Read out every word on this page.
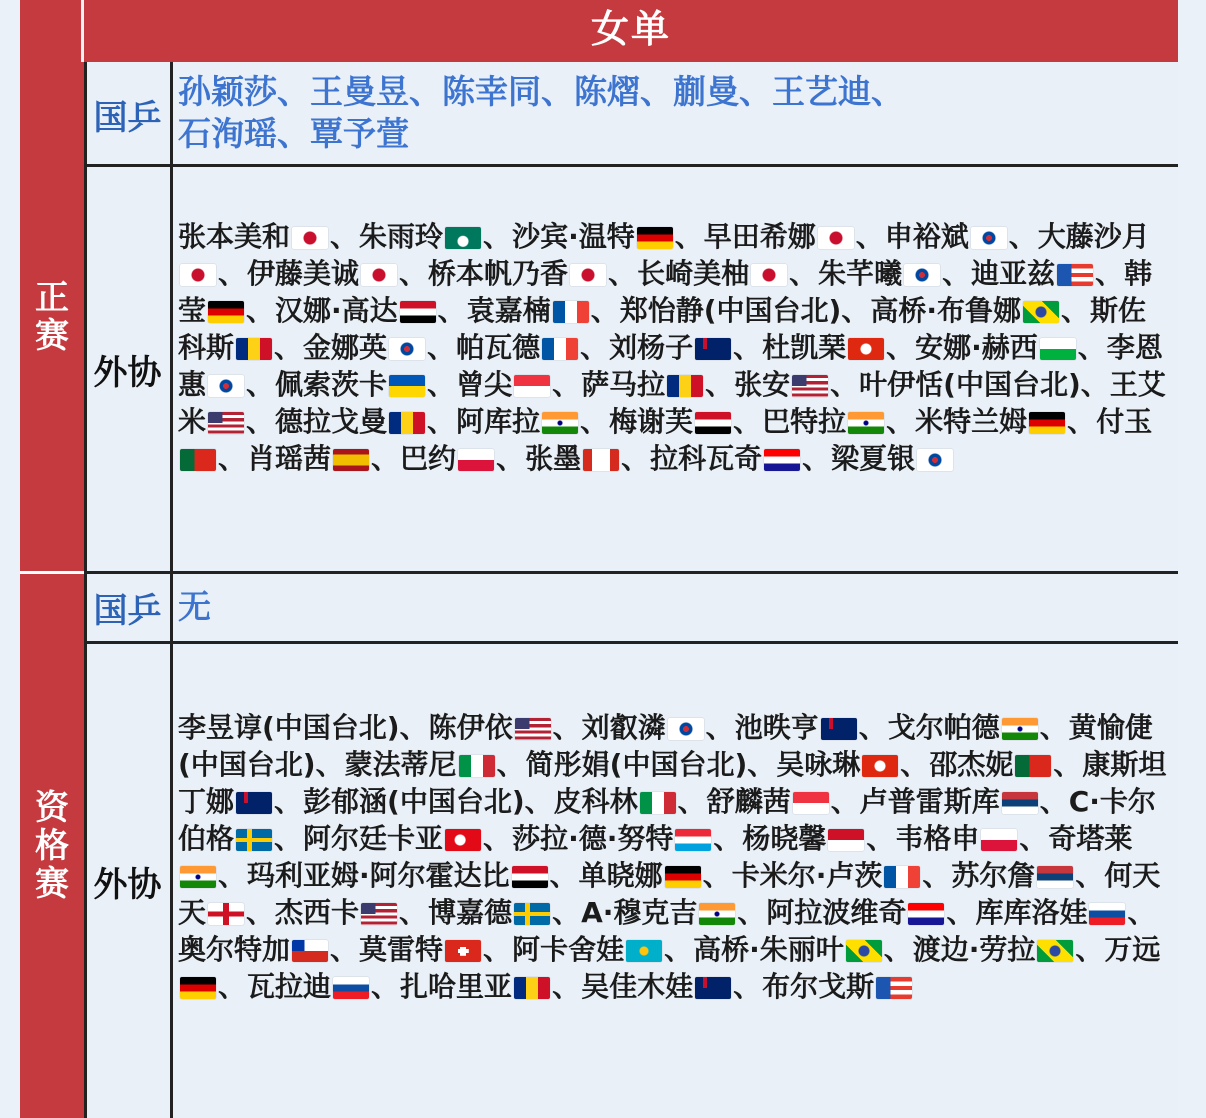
女单
正赛
资格赛
国乒
孙颖莎、王曼昱、陈幸同、陈熠、蒯曼、王艺迪、
石洵瑶、覃予萱
外协
张本美和 、朱雨玲 、沙宾·温特 、早田希娜 、申裕斌 、大藤沙月、伊藤美诚 、桥本帆乃香 、长崎美柚 、朱芊曦 、迪亚兹 、韩莹 、汉娜·高达 、袁嘉楠 、郑怡静(中国台北)、高桥·布鲁娜 、斯佐科斯 、金娜英 、帕瓦德 、刘杨子 、杜凯琹 、安娜·赫西 、李恩惠 、佩索茨卡 、曾尖 、萨马拉 、张安 、叶伊恬(中国台北)、王艾米 、德拉戈曼 、阿库拉 、梅谢芙 、巴特拉 、米特兰姆 、付玉、肖瑶茜 、巴约 、张墨 、拉科瓦奇 、梁夏银
国乒 无
外协
李昱谆(中国台北)、陈伊依 、刘叡潾 、池昳亨 、戈尔帕德 、黄愉倢(中国台北)、蒙法蒂尼 、简彤娟(中国台北)、吴咏琳 、邵杰妮 、康斯坦丁娜 、彭郁涵(中国台北)、皮科林 、舒麟茜 、卢普雷斯库 、C·卡尔伯格 、阿尔廷卡亚 、莎拉·德·努特 、杨晓馨 、韦格申 、奇塔莱、玛利亚姆·阿尔霍达比 、单晓娜 、卡米尔·卢茨 、苏尔詹 、何天天 、杰西卡 、博嘉德 、A·穆克吉 、阿拉波维奇 、库库洛娃 、奥尔特加 、莫雷特 、阿卡舍娃 、高桥·朱丽叶 、渡边·劳拉 、万远、瓦拉迪 、扎哈里亚 、吴佳木娃 、布尔戈斯
